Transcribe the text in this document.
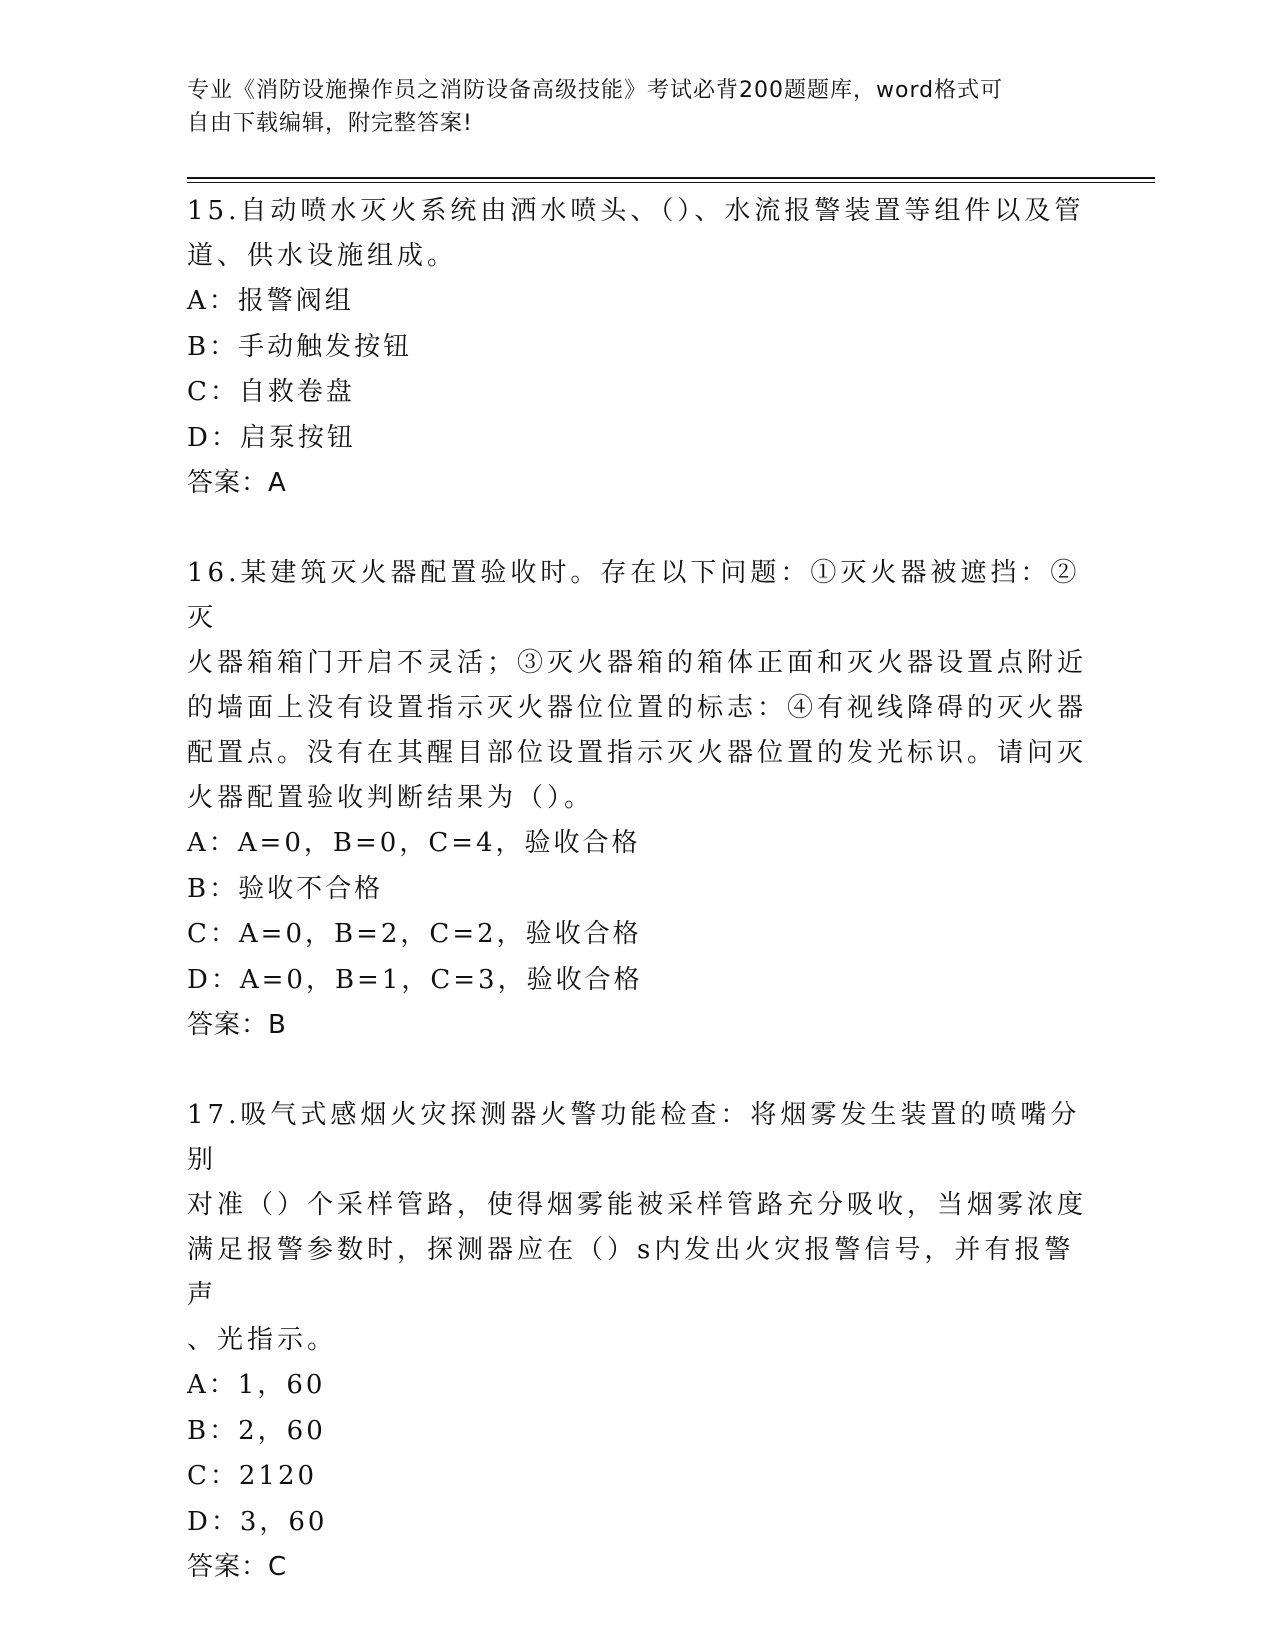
专业《消防设施操作员之消防设备高级技能》考试必背200题题库，word格式可
自由下载编辑，附完整答案!

15.自动喷水灭火系统由洒水喷头、（）、水流报警装置等组件以及管

道、供水设施组成。

A：报警阀组

B：手动触发按钮

C：自救卷盘

D：启泵按钮

答案：A

16.某建筑灭火器配置验收时。存在以下问题：①灭火器被遮挡：②灭

火器箱箱门开启不灵活；③灭火器箱的箱体正面和灭火器设置点附近

的墙面上没有设置指示灭火器位位置的标志：④有视线降碍的灭火器

配置点。没有在其醒目部位设置指示灭火器位置的发光标识。请问灭

火器配置验收判断结果为（）。

A：A=0，B=0，C=4，验收合格

B：验收不合格

C：A=0，B=2，C=2，验收合格

D：A=0，B=1，C=3，验收合格

答案：B

17.吸气式感烟火灾探测器火警功能检查：将烟雾发生装置的喷嘴分别

对准（）个采样管路，使得烟雾能被采样管路充分吸收，当烟雾浓度

满足报警参数时，探测器应在（）s内发出火灾报警信号，并有报警声

、光指示。

A：1，60

B：2，60

C：2120

D：3，60

答案：C
